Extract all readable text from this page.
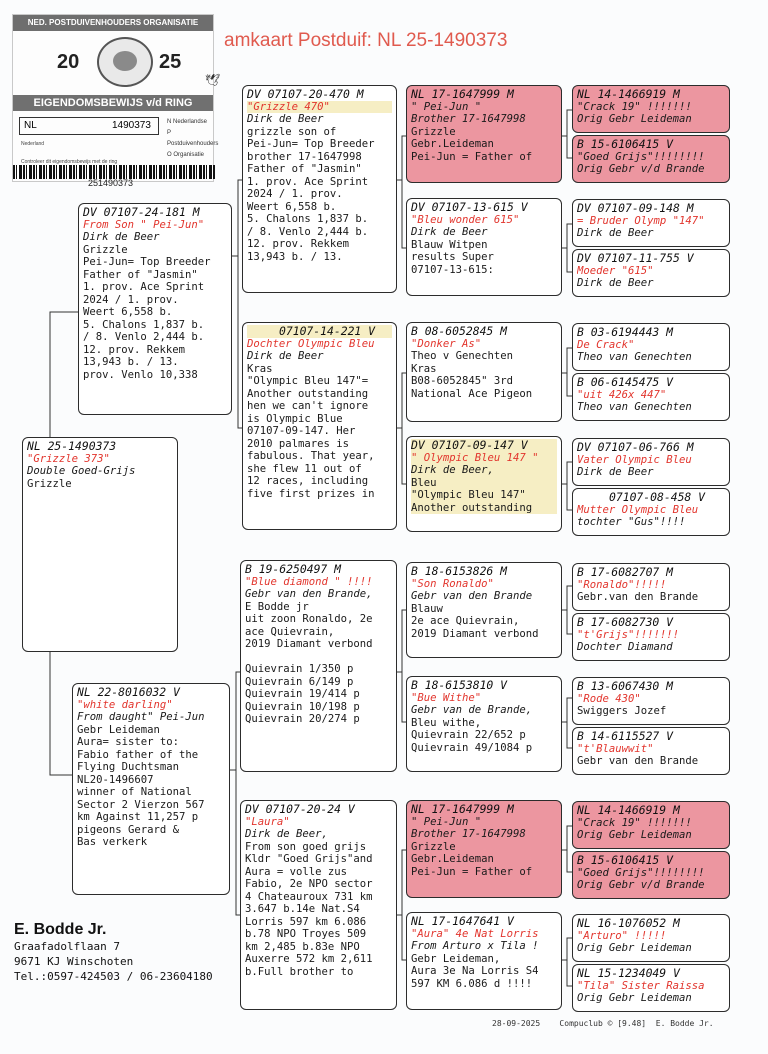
amkaart Postduif: NL 25-1490373
NED. POSTDUIVENHOUDERS ORGANISATIE
20	25
🕊
EIGENDOMSBEWIJS v/d RING
NL	1490373	N Nederlandse
P Postduivenhouders
O Organisatie
Nederland
Controleer dit eigendomsbewijs met de ring
251490373
NL 25-1490373
"Grizzle 373"
Double Goed-Grijs
Grizzle
DV 07107-24-181 M
From Son " Pei-Jun"
Dirk de Beer
Grizzle
Pei-Jun= Top Breeder
Father of "Jasmin"
1. prov. Ace Sprint
2024 / 1. prov.
Weert 6,558 b.
5. Chalons 1,837 b.
/ 8. Venlo 2,444 b.
12. prov. Rekkem
13,943 b. / 13.
prov. Venlo 10,338
NL 22-8016032 V
"white darling"
From daught" Pei-Jun
Gebr Leideman
Aura= sister to:
Fabio father of the
Flying Duchtsman
NL20-1496607
winner of National
Sector 2 Vierzon 567
km Against 11,257 p
pigeons Gerard &
Bas verkerk
DV 07107-20-470 M
"Grizzle 470"
Dirk de Beer
grizzle son of
Pei-Jun= Top Breeder
brother 17-1647998
Father of "Jasmin"
1. prov. Ace Sprint
2024 / 1. prov.
Weert 6,558 b.
5. Chalons 1,837 b.
/ 8. Venlo 2,444 b.
12. prov. Rekkem
13,943 b. / 13.
07107-14-221 V
Dochter Olympic Bleu
Dirk de Beer
Kras
"Olympic Bleu 147"=
Another outstanding
hen we can't ignore
is Olympic Blue
07107-09-147. Her
2010 palmares is
fabulous. That year,
she flew 11 out of
12 races, including
five first prizes in
B 19-6250497 M
"Blue diamond " !!!!
Gebr van den Brande,
E Bodde jr
uit zoon Ronaldo, 2e
ace Quievrain,
2019 Diamant verbond

Quievrain 1/350 p
Quievrain 6/149 p
Quievrain 19/414 p
Quievrain 10/198 p
Quievrain 20/274 p
DV 07107-20-24 V
"Laura"
Dirk de Beer,
From son goed grijs
Kldr "Goed Grijs"and
Aura = volle zus
Fabio, 2e NPO sector
4 Chateauroux 731 km
3.647 b.14e Nat.S4
Lorris 597 km 6.086
b.78 NPO Troyes 509
km 2,485 b.83e NPO
Auxerre 572 km 2,611
b.Full brother to
NL 17-1647999 M
" Pei-Jun "
Brother 17-1647998
Grizzle
Gebr.Leideman
Pei-Jun = Father of
DV 07107-13-615 V
"Bleu wonder 615"
Dirk de Beer
Blauw Witpen
results Super
07107-13-615:
B 08-6052845 M
"Donker As"
Theo v Genechten
Kras
B08-6052845" 3rd
National Ace Pigeon
DV 07107-09-147 V
" Olympic Bleu 147 "
Dirk de Beer,
Bleu
"Olympic Bleu 147"
Another outstanding
B 18-6153826 M
"Son Ronaldo"
Gebr van den Brande
Blauw
2e ace Quievrain,
2019 Diamant verbond
B 18-6153810 V
"Bue Withe"
Gebr van de Brande,
Bleu withe,
Quievrain 22/652 p
Quievrain 49/1084 p
NL 17-1647999 M
" Pei-Jun "
Brother 17-1647998
Grizzle
Gebr.Leideman
Pei-Jun = Father of
NL 17-1647641 V
"Aura" 4e Nat Lorris
From Arturo x Tila !
Gebr Leideman,
Aura 3e Na Lorris S4
597 KM 6.086 d !!!!
NL 14-1466919 M
"Crack 19" !!!!!!!
Orig Gebr Leideman
B 15-6106415 V
"Goed Grijs"!!!!!!!!
Orig Gebr v/d Brande
DV 07107-09-148 M
= Bruder Olymp "147"
Dirk de Beer
DV 07107-11-755 V
Moeder "615"
Dirk de Beer
B 03-6194443 M
De Crack"
Theo van Genechten
B 06-6145475 V
"uit 426x 447"
Theo van Genechten
DV 07107-06-766 M
Vater Olympic Bleu
Dirk de Beer
07107-08-458 V
Mutter Olympic Bleu
tochter "Gus"!!!!
B 17-6082707 M
"Ronaldo"!!!!!
Gebr.van den Brande
B 17-6082730 V
"t'Grijs"!!!!!!!
Dochter Diamand
B 13-6067430 M
"Rode 430"
Swiggers Jozef
B 14-6115527 V
"t'Blauwwit"
Gebr van den Brande
NL 14-1466919 M
"Crack 19" !!!!!!!
Orig Gebr Leideman
B 15-6106415 V
"Goed Grijs"!!!!!!!!
Orig Gebr v/d Brande
NL 16-1076052 M
"Arturo" !!!!!
Orig Gebr Leideman
NL 15-1234049 V
"Tila" Sister Raissa
Orig Gebr Leideman
E. Bodde Jr.
Graafadolflaan 7
9671 KJ Winschoten
Tel.:0597-424503 / 06-23604180
28-09-2025    Compuclub © [9.48]  E. Bodde Jr.
